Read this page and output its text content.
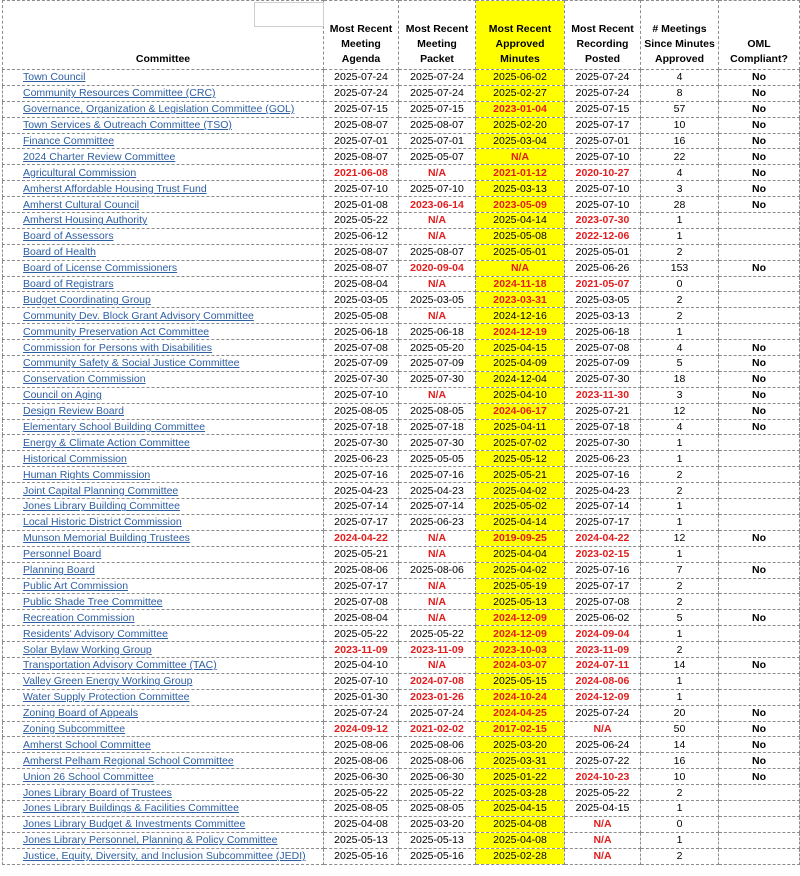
Committee	Most Recent Meeting Agenda	Most Recent Meeting Packet	Most Recent Approved Minutes	Most Recent Recording Posted	# Meetings Since Minutes Approved	OML Compliant?
Town Council	2025-07-24	2025-07-24	2025-06-02	2025-07-24	4	No
Community Resources Committee (CRC)	2025-07-24	2025-07-24	2025-02-27	2025-07-24	8	No
Governance, Organization & Legislation Committee (GOL)	2025-07-15	2025-07-15	2023-01-04	2025-07-15	57	No
Town Services & Outreach Committee (TSO)	2025-08-07	2025-08-07	2025-02-20	2025-07-17	10	No
Finance Committee	2025-07-01	2025-07-01	2025-03-04	2025-07-01	16	No
2024 Charter Review Committee	2025-08-07	2025-05-07	N/A	2025-07-10	22	No
Agricultural Commission	2021-06-08	N/A	2021-01-12	2020-10-27	4	No
Amherst Affordable Housing Trust Fund	2025-07-10	2025-07-10	2025-03-13	2025-07-10	3	No
Amherst Cultural Council	2025-01-08	2023-06-14	2023-05-09	2025-07-10	28	No
Amherst Housing Authority	2025-05-22	N/A	2025-04-14	2023-07-30	1	
Board of Assessors	2025-06-12	N/A	2025-05-08	2022-12-06	1	
Board of Health	2025-08-07	2025-08-07	2025-05-01	2025-05-01	2	
Board of License Commissioners	2025-08-07	2020-09-04	N/A	2025-06-26	153	No
Board of Registrars	2025-08-04	N/A	2024-11-18	2021-05-07	0	
Budget Coordinating Group	2025-03-05	2025-03-05	2023-03-31	2025-03-05	2	
Community Dev. Block Grant Advisory Committee	2025-05-08	N/A	2024-12-16	2025-03-13	2	
Community Preservation Act Committee	2025-06-18	2025-06-18	2024-12-19	2025-06-18	1	
Commission for Persons with Disabilities	2025-07-08	2025-05-20	2025-04-15	2025-07-08	4	No
Community Safety & Social Justice Committee	2025-07-09	2025-07-09	2025-04-09	2025-07-09	5	No
Conservation Commission	2025-07-30	2025-07-30	2024-12-04	2025-07-30	18	No
Council on Aging	2025-07-10	N/A	2025-04-10	2023-11-30	3	No
Design Review Board	2025-08-05	2025-08-05	2024-06-17	2025-07-21	12	No
Elementary School Building Committee	2025-07-18	2025-07-18	2025-04-11	2025-07-18	4	No
Energy & Climate Action Committee	2025-07-30	2025-07-30	2025-07-02	2025-07-30	1	
Historical Commission	2025-06-23	2025-05-05	2025-05-12	2025-06-23	1	
Human Rights Commission	2025-07-16	2025-07-16	2025-05-21	2025-07-16	2	
Joint Capital Planning Committee	2025-04-23	2025-04-23	2025-04-02	2025-04-23	2	
Jones Library Building Committee	2025-07-14	2025-07-14	2025-05-02	2025-07-14	1	
Local Historic District Commission	2025-07-17	2025-06-23	2025-04-14	2025-07-17	1	
Munson Memorial Building Trustees	2024-04-22	N/A	2019-09-25	2024-04-22	12	No
Personnel Board	2025-05-21	N/A	2025-04-04	2023-02-15	1	
Planning Board	2025-08-06	2025-08-06	2025-04-02	2025-07-16	7	No
Public Art Commission	2025-07-17	N/A	2025-05-19	2025-07-17	2	
Public Shade Tree Committee	2025-07-08	N/A	2025-05-13	2025-07-08	2	
Recreation Commission	2025-08-04	N/A	2024-12-09	2025-06-02	5	No
Residents' Advisory Committee	2025-05-22	2025-05-22	2024-12-09	2024-09-04	1	
Solar Bylaw Working Group	2023-11-09	2023-11-09	2023-10-03	2023-11-09	2	
Transportation Advisory Committee (TAC)	2025-04-10	N/A	2024-03-07	2024-07-11	14	No
Valley Green Energy Working Group	2025-07-10	2024-07-08	2025-05-15	2024-08-06	1	
Water Supply Protection Committee	2025-01-30	2023-01-26	2024-10-24	2024-12-09	1	
Zoning Board of Appeals	2025-07-24	2025-07-24	2024-04-25	2025-07-24	20	No
Zoning Subcommittee	2024-09-12	2021-02-02	2017-02-15	N/A	50	No
Amherst School Committee	2025-08-06	2025-08-06	2025-03-20	2025-06-24	14	No
Amherst Pelham Regional School Committee	2025-08-06	2025-08-06	2025-03-31	2025-07-22	16	No
Union 26 School Committee	2025-06-30	2025-06-30	2025-01-22	2024-10-23	10	No
Jones Library Board of Trustees	2025-05-22	2025-05-22	2025-03-28	2025-05-22	2	
Jones Library Buildings & Facilities Committee	2025-08-05	2025-08-05	2025-04-15	2025-04-15	1	
Jones Library Budget & Investments Committee	2025-04-08	2025-03-20	2025-04-08	N/A	0	
Jones Library Personnel, Planning & Policy Committee	2025-05-13	2025-05-13	2025-04-08	N/A	1	
Justice, Equity, Diversity, and Inclusion Subcommittee (JEDI)	2025-05-16	2025-05-16	2025-02-28	N/A	2	
